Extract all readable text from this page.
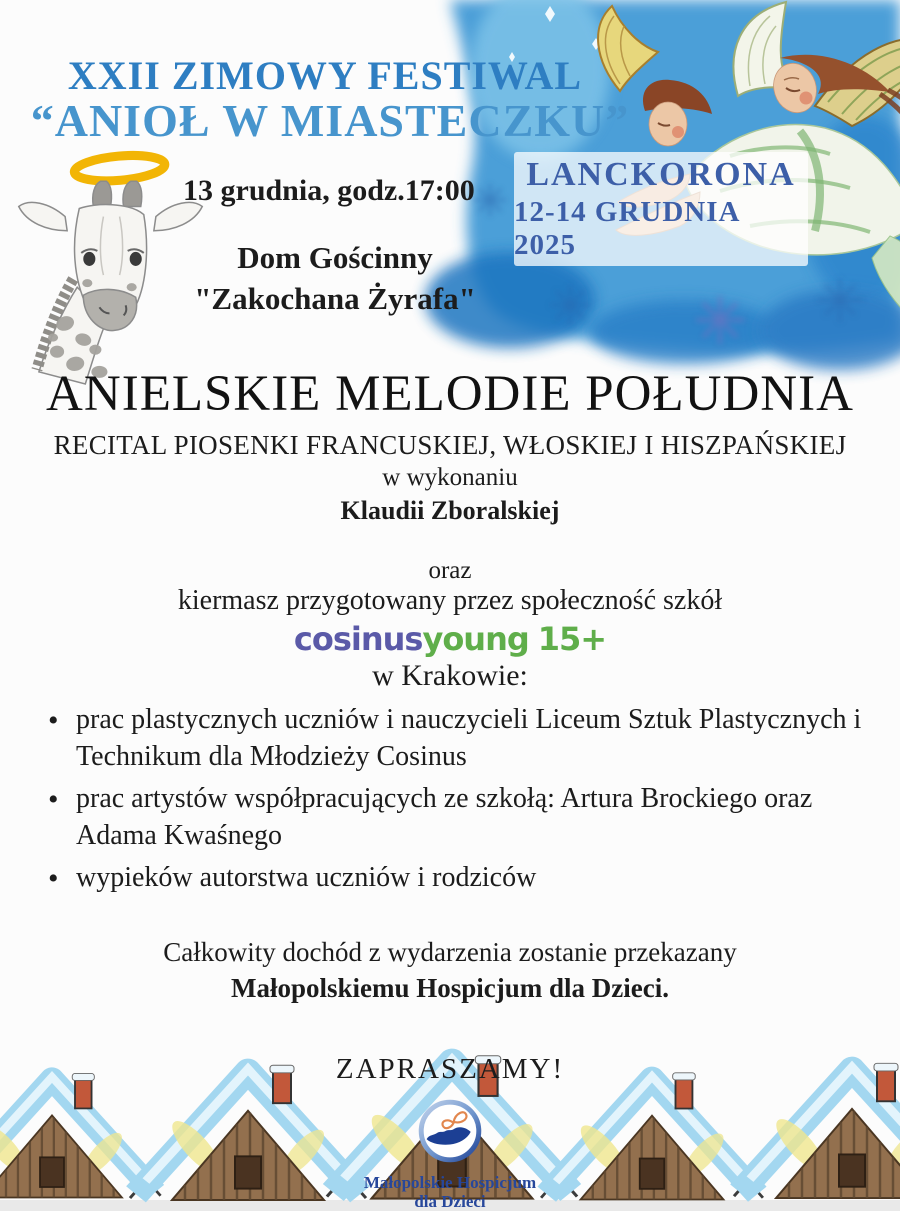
XXII ZIMOWY FESTIWAL
“ANIOŁ W MIASTECZKU”
13 grudnia, godz.17:00
Dom Gościnny
"Zakochana Żyrafa"
LANCKORONA
12-14 GRUDNIA 2025
ANIELSKIE MELODIE POŁUDNIA
RECITAL PIOSENKI FRANCUSKIEJ, WŁOSKIEJ I HISZPAŃSKIEJ
w wykonaniu
Klaudii Zboralskiej
oraz
kiermasz przygotowany przez społeczność szkół
cosinusyoung 15+
w Krakowie:
• prac plastycznych uczniów i nauczycieli Liceum Sztuk Plastycznych i Technikum dla Młodzieży Cosinus
• prac artystów współpracujących ze szkołą: Artura Brockiego oraz Adama Kwaśnego
• wypieków autorstwa uczniów i rodziców
Całkowity dochód z wydarzenia zostanie przekazany
Małopolskiemu Hospicjum dla Dzieci.
ZAPRASZAMY!
Małopolskie Hospicjum
dla Dzieci
